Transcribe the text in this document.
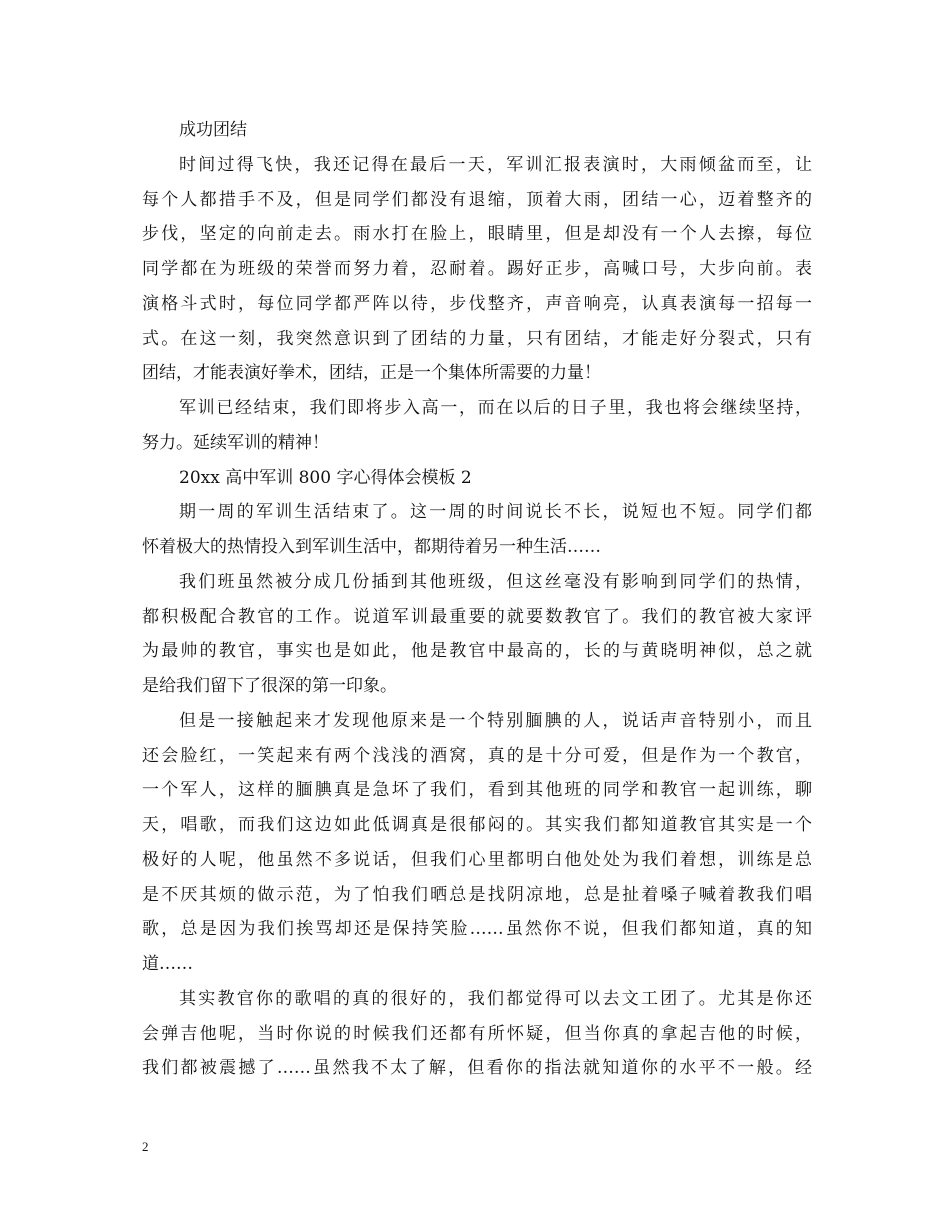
成功团结
时间过得飞快，我还记得在最后一天，军训汇报表演时，大雨倾盆而至，让
每个人都措手不及，但是同学们都没有退缩，顶着大雨，团结一心，迈着整齐的
步伐，坚定的向前走去。雨水打在脸上，眼睛里，但是却没有一个人去擦，每位
同学都在为班级的荣誉而努力着，忍耐着。踢好正步，高喊口号，大步向前。表
演格斗式时，每位同学都严阵以待，步伐整齐，声音响亮，认真表演每一招每一
式。在这一刻，我突然意识到了团结的力量，只有团结，才能走好分裂式，只有
团结，才能表演好拳术，团结，正是一个集体所需要的力量！
军训已经结束，我们即将步入高一，而在以后的日子里，我也将会继续坚持，
努力。延续军训的精神！
20xx 高中军训 800 字心得体会模板 2
期一周的军训生活结束了。这一周的时间说长不长，说短也不短。同学们都
怀着极大的热情投入到军训生活中，都期待着另一种生活……
我们班虽然被分成几份插到其他班级，但这丝毫没有影响到同学们的热情，
都积极配合教官的工作。说道军训最重要的就要数教官了。我们的教官被大家评
为最帅的教官，事实也是如此，他是教官中最高的，长的与黄晓明神似，总之就
是给我们留下了很深的第一印象。
但是一接触起来才发现他原来是一个特别腼腆的人，说话声音特别小，而且
还会脸红，一笑起来有两个浅浅的酒窝，真的是十分可爱，但是作为一个教官，
一个军人，这样的腼腆真是急坏了我们，看到其他班的同学和教官一起训练，聊
天，唱歌，而我们这边如此低调真是很郁闷的。其实我们都知道教官其实是一个
极好的人呢，他虽然不多说话，但我们心里都明白他处处为我们着想，训练是总
是不厌其烦的做示范，为了怕我们晒总是找阴凉地，总是扯着嗓子喊着教我们唱
歌，总是因为我们挨骂却还是保持笑脸……虽然你不说，但我们都知道，真的知
道……
其实教官你的歌唱的真的很好的，我们都觉得可以去文工团了。尤其是你还
会弹吉他呢，当时你说的时候我们还都有所怀疑，但当你真的拿起吉他的时候，
我们都被震撼了……虽然我不太了解，但看你的指法就知道你的水平不一般。经
2
